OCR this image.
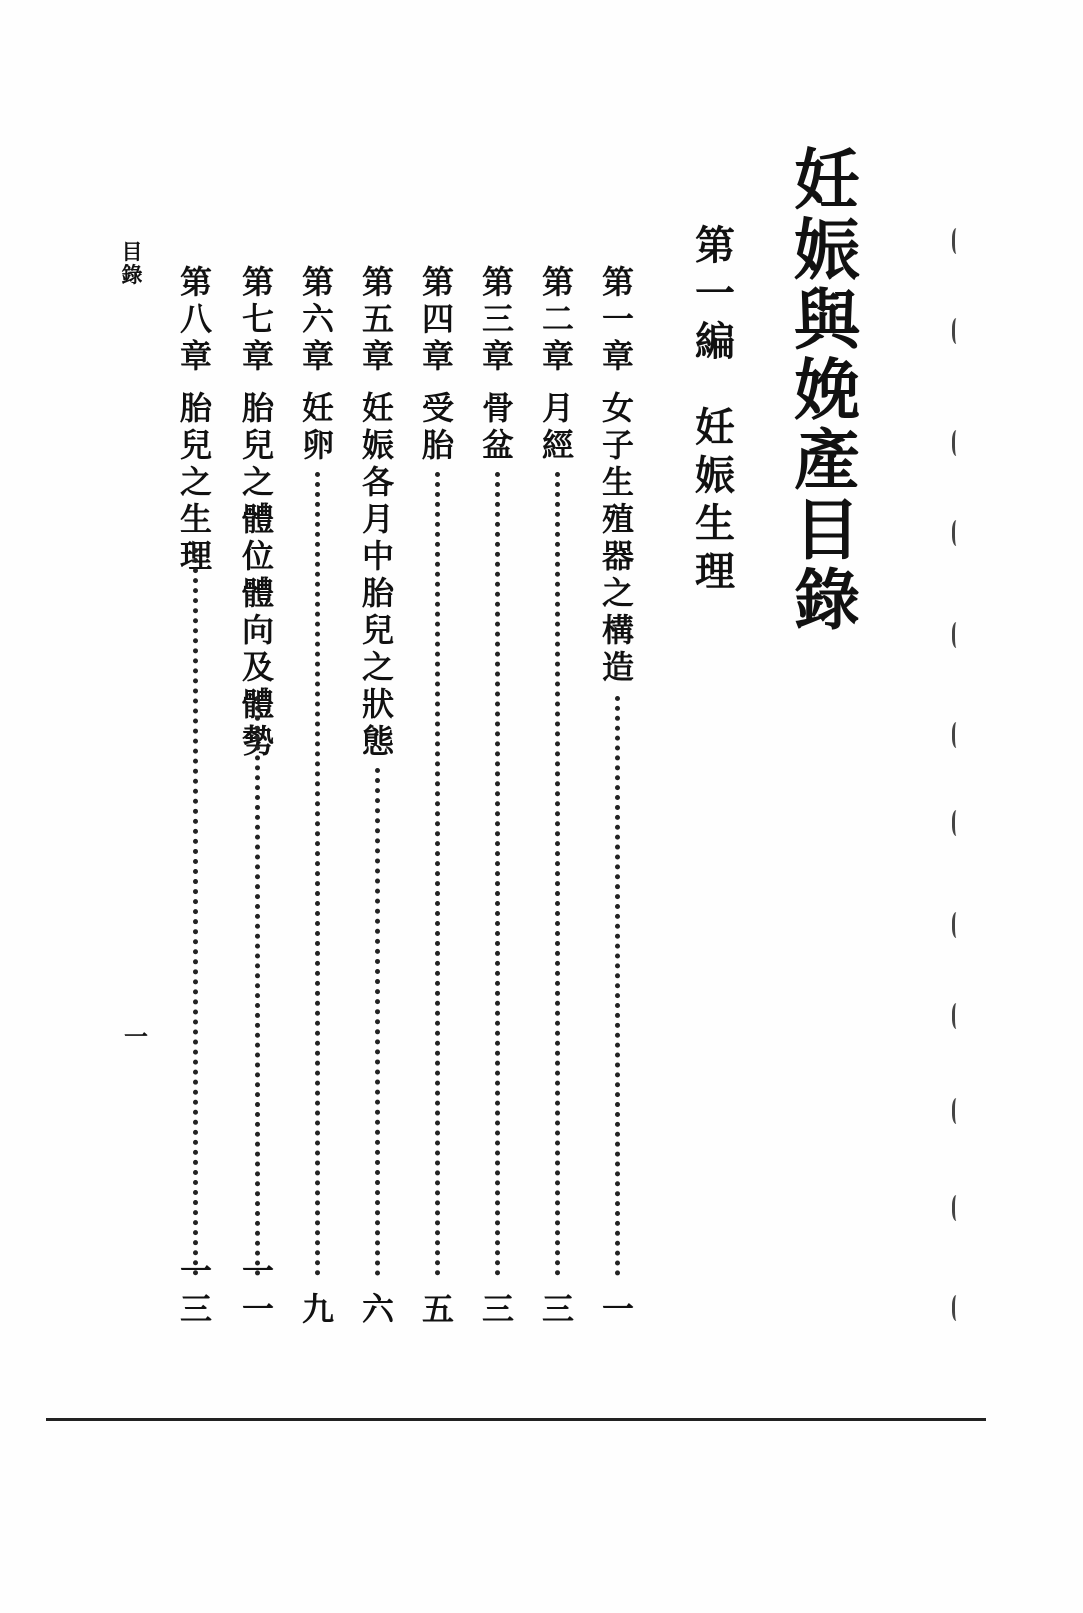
妊娠與娩產目錄
第一編
妊娠生理
第一章
女子生殖器之構造
一
第二章
月經
三
第三章
骨盆
三
第四章
受胎
五
第五章
妊娠各月中胎兒之狀態
六
第六章
妊卵
九
第七章
胎兒之體位體向及體勢
一一
第八章
胎兒之生理
一三
目錄
一
